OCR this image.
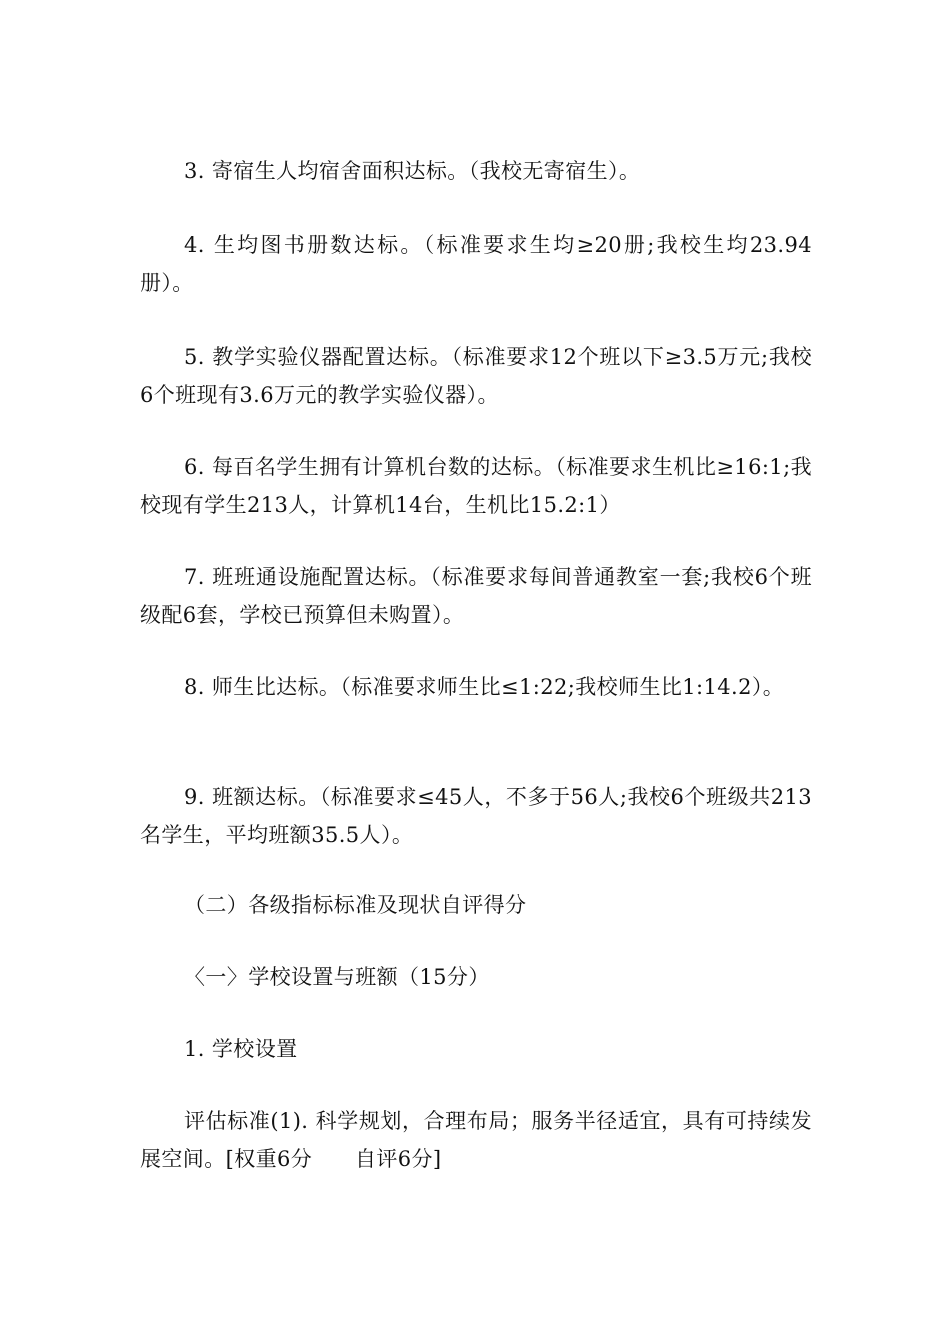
3. 寄宿生人均宿舍面积达标。（我校无寄宿生）。

4. 生均图书册数达标。（标准要求生均≥20册;我校生均23.94册）。

5. 教学实验仪器配置达标。（标准要求12个班以下≥3.5万元;我校6个班现有3.6万元的教学实验仪器）。

6. 每百名学生拥有计算机台数的达标。（标准要求生机比≥16:1;我校现有学生213人，计算机14台，生机比15.2:1）

7. 班班通设施配置达标。（标准要求每间普通教室一套;我校6个班级配6套，学校已预算但未购置）。

8. 师生比达标。（标准要求师生比≤1:22;我校师生比1:14.2）。

9. 班额达标。（标准要求≤45人，不多于56人;我校6个班级共213名学生，平均班额35.5人）。

（二）各级指标标准及现状自评得分

〈一〉学校设置与班额（15分）

1. 学校设置

评估标准(1). 科学规划，合理布局；服务半径适宜，具有可持续发展空间。[权重6分　　自评6分]
